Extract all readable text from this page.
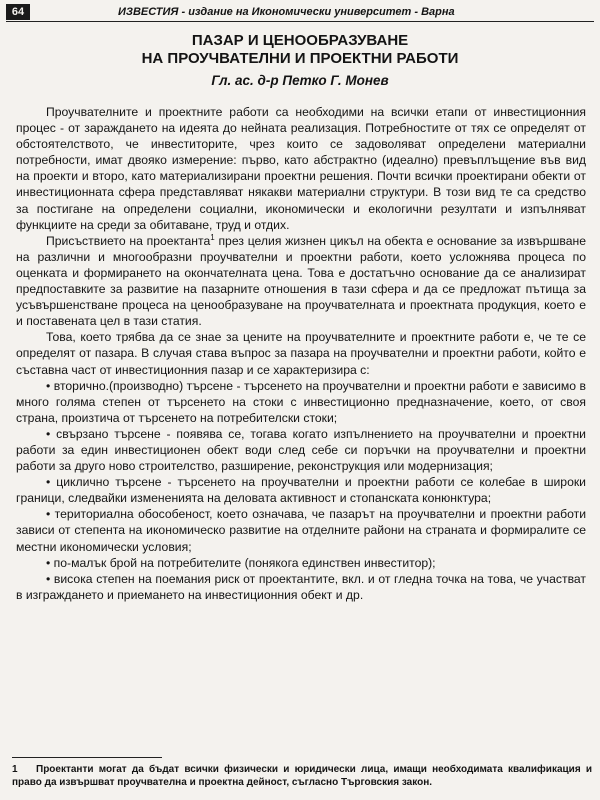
64	ИЗВЕСТИЯ - издание на Икономически университет - Варна
ПАЗАР И ЦЕНООБРАЗУВАНЕ
НА ПРОУЧВАТЕЛНИ И ПРОЕКТНИ РАБОТИ
Гл. ас. д-р Петко Г. Монев

Проучвателните и проектните работи са необходими на всички етапи от инвестиционния процес - от зараждането на идеята до нейната реализация. Потребностите от тях се определят от обстоятелството, че инвеститорите, чрез които се задоволяват определени материални потребности, имат двояко измерение: първо, като абстрактно (идеално) превъплъщение във вид на проекти и второ, като материализирани проектни решения. Почти всички проектирани обекти от инвестиционната сфера представляват някакви материални структури. В този вид те са средство за постигане на определени социални, икономически и екологични резултати и изпълняват функциите на среди за обитаване, труд и отдих.

Присъствието на проектанта$^1$ през целия жизнен цикъл на обекта е основание за извършване на различни и многообразни проучвателни и проектни работи, което усложнява процеса по оценката и формирането на окончателната цена. Това е достатъчно основание да се анализират предпоставките за развитие на пазарните отношения в тази сфера и да се предложат пътища за усъвършенстване процеса на ценообразуване на проучвателната и проектната продукция, което е и поставената цел в тази статия.

Това, което трябва да се знае за цените на проучвателните и проектните работи е, че те се определят от пазара. В случая става въпрос за пазара на проучвателни и проектни работи, който е съставна част от инвестиционния пазар и се характеризира с:

• вторично.(производно) търсене - търсенето на проучвателни и проектни работи е зависимо в много голяма степен от търсенето на стоки с инвестиционно предназначение, което, от своя страна, произтича от търсенето на потребителски стоки;

• свързано търсене - появява се, тогава когато изпълнението на проучвателни и проектни работи за един инвестиционен обект води след себе си поръчки на проучвателни и проектни работи за друго ново строителство, разширение, реконструкция или модернизация;

• циклично търсене - търсенето на проучвателни и проектни работи се колебае в широки граници, следвайки измененията на деловата активност и стопанската конюнктура;

• териториална обособеност, което означава, че пазарът на проучвателни и проектни работи зависи от степента на икономическо развитие на отделните райони на страната и формиралите се местни икономически условия;

• по-малък брой на потребителите (понякога единствен инвеститор);

• висока степен на поемания риск от проектантите, вкл. и от гледна точка на това, че участват в изграждането и приемането на инвестиционния обект и др.

1 Проектанти могат да бъдат всички физически и юридически лица, имащи необходимата квалификация и право да извършват проучвателна и проектна дейност, съгласно Търговския закон.
